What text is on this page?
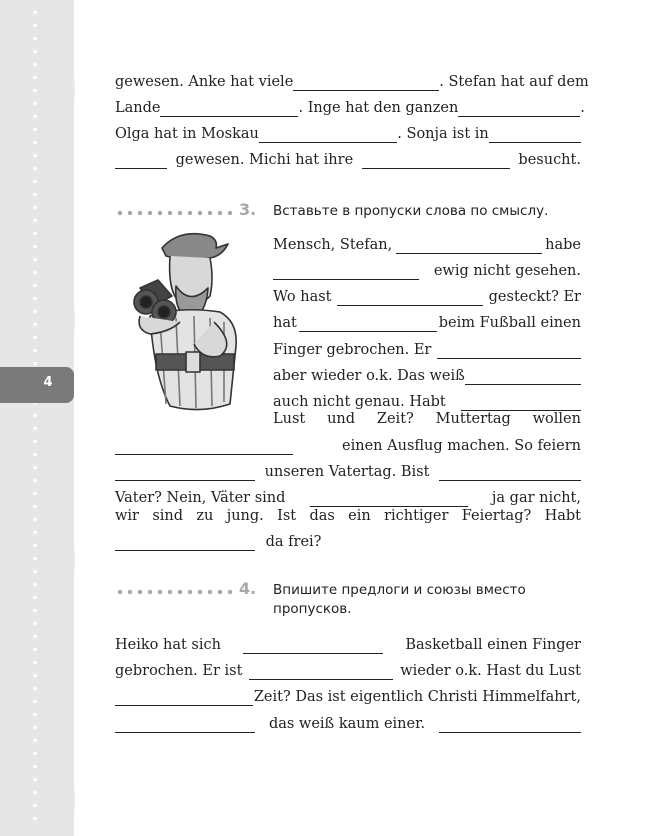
4
gewesen. Anke hat viele	. Stefan hat auf dem
Lande	. Inge hat den ganzen	.
Olga hat in Moskau	. Sonja ist in
gewesen. Michi hat ihre	besucht.
3. Вставьте в пропуски слова по смыслу.
Mensch, Stefan,	habe
ewig nicht gesehen.
Wo hast	gesteckt? Er
hat	beim Fußball einen
Finger gebrochen. Er
aber wieder o.k. Das weiß
auch nicht genau. Habt
Lust und Zeit? Muttertag wollen
einen Ausflug machen. So feiern
unseren Vatertag. Bist
Vater? Nein, Väter sind	ja gar nicht,
wir sind zu jung. Ist das ein richtiger Feiertag? Habt
da frei?
4. Впишите предлоги и союзы вместо пропусков.
Heiko hat sich	Basketball einen Finger
gebrochen. Er ist	wieder o.k. Hast du Lust
Zeit? Das ist eigentlich Christi Himmelfahrt,
das weiß kaum einer.
